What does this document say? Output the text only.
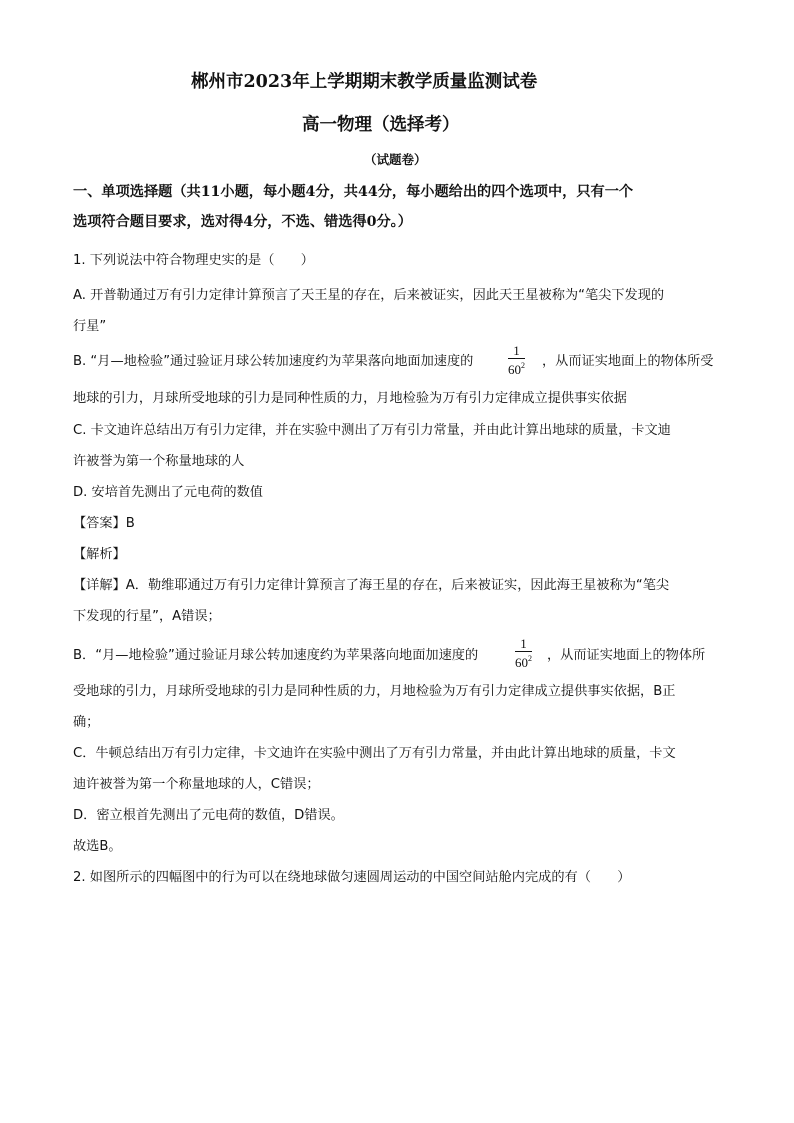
郴州市2023年上学期期末教学质量监测试卷
高一物理（选择考）
（试题卷）
一、单项选择题（共11小题，每小题4分，共44分，每小题给出的四个选项中，只有一个
选项符合题目要求，选对得4分，不选、错选得0分。）
1. 下列说法中符合物理史实的是（　　）
A. 开普勒通过万有引力定律计算预言了天王星的存在，后来被证实，因此天王星被称为“笔尖下发现的
行星”
B. “月—地检验”通过验证月球公转加速度约为苹果落向地面加速度的
1
$60^2$ ，从而证实地面上的物体所受
地球的引力，月球所受地球的引力是同种性质的力，月地检验为万有引力定律成立提供事实依据
C. 卡文迪许总结出万有引力定律，并在实验中测出了万有引力常量，并由此计算出地球的质量，卡文迪
许被誉为第一个称量地球的人
D. 安培首先测出了元电荷的数值
【答案】B
【解析】
【详解】A．勒维耶通过万有引力定律计算预言了海王星的存在，后来被证实，因此海王星被称为“笔尖
下发现的行星”，A错误；
B．“月—地检验”通过验证月球公转加速度约为苹果落向地面加速度的
1
$60^2$ ，从而证实地面上的物体所
受地球的引力，月球所受地球的引力是同种性质的力，月地检验为万有引力定律成立提供事实依据，B正
确；
C．牛顿总结出万有引力定律，卡文迪许在实验中测出了万有引力常量，并由此计算出地球的质量，卡文
迪许被誉为第一个称量地球的人，C错误；
D．密立根首先测出了元电荷的数值，D错误。
故选B。
2. 如图所示的四幅图中的行为可以在绕地球做匀速圆周运动的中国空间站舱内完成的有（　　）
